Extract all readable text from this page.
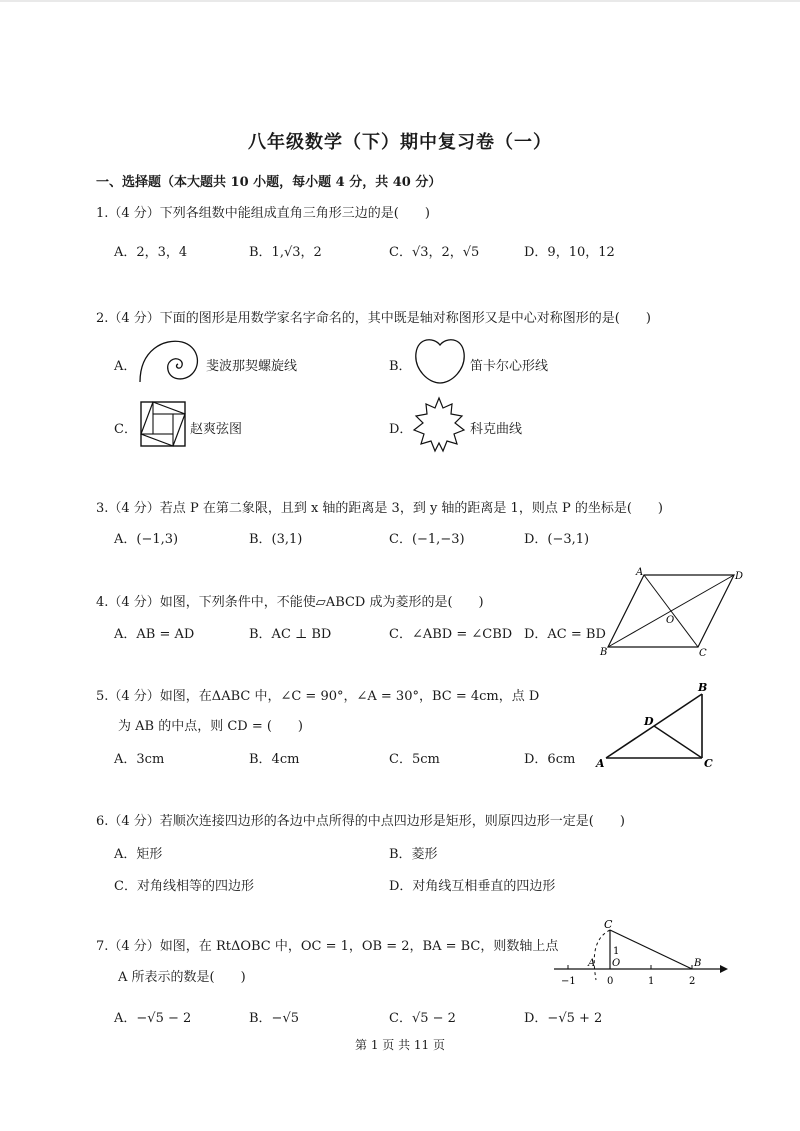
八年级数学（下）期中复习卷（一）
一、选择题（本大题共 10 小题，每小题 4 分，共 40 分）
1.（4 分）下列各组数中能组成直角三角形三边的是(　　)
A．2，3，4	B．1,√3，2	C．√3，2，√5	D．9，10，12
2.（4 分）下面的图形是用数学家名字命名的，其中既是轴对称图形又是中心对称图形的是(　　)
A．	斐波那契螺旋线	B．	笛卡尔心形线
C．	赵爽弦图	D．	科克曲线
3.（4 分）若点 P 在第二象限，且到 x 轴的距离是 3，到 y 轴的距离是 1，则点 P 的坐标是(　　)
A．(−1,3)	B．(3,1)	C．(−1,−3)	D．(−3,1)
4.（4 分）如图，下列条件中，不能使▱ABCD 成为菱形的是(　　)
A．AB = AD	B．AC ⊥ BD	C．∠ABD = ∠CBD D．AC = BD
A	D
O
B	C
5.（4 分）如图，在ΔABC 中，∠C = 90°，∠A = 30°，BC = 4cm，点 D
为 AB 的中点，则 CD = (　　)
A．3cm	B．4cm	C．5cm	D．6cm
B
D
A	C
6.（4 分）若顺次连接四边形的各边中点所得的中点四边形是矩形，则原四边形一定是(　　)
A．矩形	B．菱形
C．对角线相等的四边形	D．对角线互相垂直的四边形
7.（4 分）如图，在 RtΔOBC 中，OC = 1，OB = 2，BA = BC，则数轴上点
A 所表示的数是(　　)
A．−√5 − 2	B．−√5	C．√5 − 2	D．−√5 + 2
C
1
A O	B
−1	0	1	2
第 1 页 共 11 页
